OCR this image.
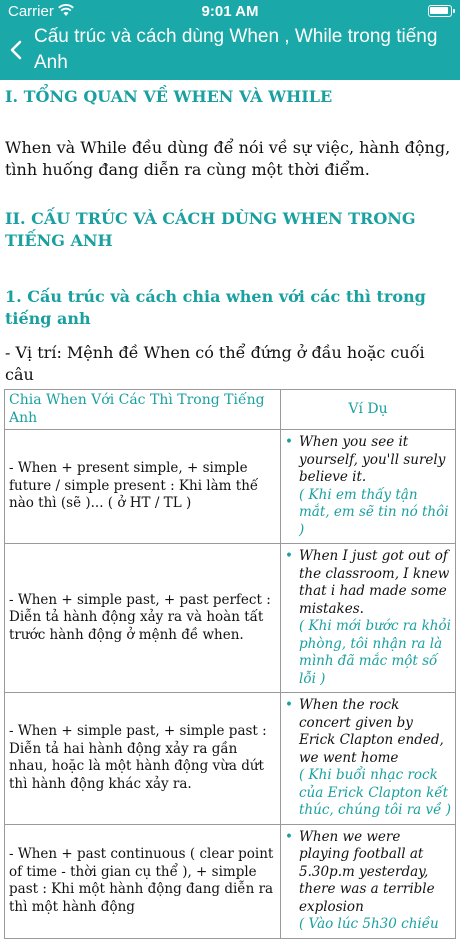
Carrier	9:01 AM
Cấu trúc và cách dùng When , While trong tiếng Anh
I. TỔNG QUAN VỀ WHEN VÀ WHILE
When và While đều dùng để nói về sự việc, hành động, tình huống đang diễn ra cùng một thời điểm.
II. CẤU TRÚC VÀ CÁCH DÙNG WHEN TRONG TIẾNG ANH
1. Cấu trúc và cách chia when với các thì trong tiếng anh
- Vị trí: Mệnh đề When có thể đứng ở đầu hoặc cuối câu
Chia When Với Các Thì Trong Tiếng Anh	Ví Dụ
- When + present simple, + simple future / simple present : Khi làm thế nào thì (sẽ )... ( ở HT / TL )	• When you see it yourself, you'll surely believe it.
( Khi em thấy tận mắt, em sẽ tin nó thôi )

- When + simple past, + past perfect : Diễn tả hành động xảy ra và hoàn tất trước hành động ở mệnh đề when.	• When I just got out of the classroom, I knew that i had made some mistakes.
( Khi mới bước ra khỏi phòng, tôi nhận ra là mình đã mắc một số lỗi )

- When + simple past, + simple past : Diễn tả hai hành động xảy ra gần nhau, hoặc là một hành động vừa dứt thì hành động khác xảy ra.	• When the rock concert given by Erick Clapton ended, we went home
( Khi buổi nhạc rock của Erick Clapton kết thúc, chúng tôi ra về )

- When + past continuous ( clear point of time - thời gian cụ thể ), + simple past : Khi một hành động đang diễn ra thì một hành động	• When we were playing football at 5.30p.m yesterday, there was a terrible explosion
( Vào lúc 5h30 chiều
